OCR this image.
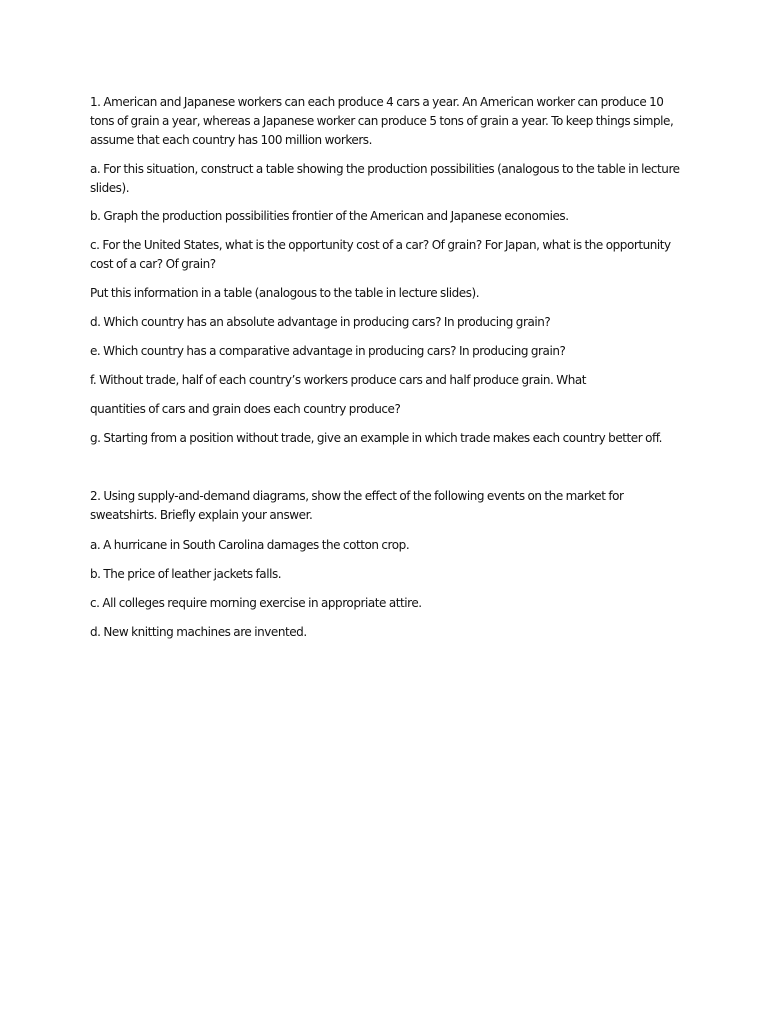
1. American and Japanese workers can each produce 4 cars a year. An American worker can produce 10 tons of grain a year, whereas a Japanese worker can produce 5 tons of grain a year. To keep things simple, assume that each country has 100 million workers.

a. For this situation, construct a table showing the production possibilities (analogous to the table in lecture slides).

b. Graph the production possibilities frontier of the American and Japanese economies.

c. For the United States, what is the opportunity cost of a car? Of grain? For Japan, what is the opportunity cost of a car? Of grain?

Put this information in a table (analogous to the table in lecture slides).

d. Which country has an absolute advantage in producing cars? In producing grain?

e. Which country has a comparative advantage in producing cars? In producing grain?

f. Without trade, half of each country’s workers produce cars and half produce grain. What

quantities of cars and grain does each country produce?

g. Starting from a position without trade, give an example in which trade makes each country better off.

2. Using supply-and-demand diagrams, show the effect of the following events on the market for sweatshirts. Briefly explain your answer.

a. A hurricane in South Carolina damages the cotton crop.

b. The price of leather jackets falls.

c. All colleges require morning exercise in appropriate attire.

d. New knitting machines are invented.
